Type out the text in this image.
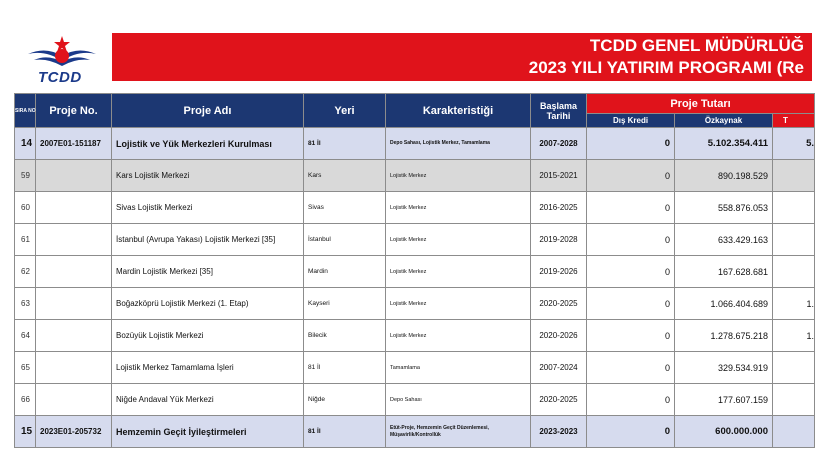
TCDD
TCDD GENEL MÜDÜRLÜĞ
2023 YILI YATIRIM PROGRAMI (Re
SIRA NO	Proje No.	Proje Adı	Yeri	Karakteristiği	Başlama Tarihi	Proje Tutarı		
						Dış Kredi	Özkaynak	T
14	2007E01-151187	Lojistik ve Yük Merkezleri Kurulması	81 İl	Depo Sahası, Lojistik Merkez, Tamamlama	2007-2028	0	5.102.354.411	5.
59		Kars Lojistik Merkezi	Kars	Lojistik Merkez	2015-2021	0	890.198.529	
60		Sivas Lojistik Merkezi	Sivas	Lojistik Merkez	2016-2025	0	558.876.053	
61		İstanbul (Avrupa Yakası) Lojistik Merkezi [35]	İstanbul	Lojistik Merkez	2019-2028	0	633.429.163	
62		Mardin Lojistik Merkezi [35]	Mardin	Lojistik Merkez	2019-2026	0	167.628.681	
63		Boğazköprü Lojistik Merkezi (1. Etap)	Kayseri	Lojistik Merkez	2020-2025	0	1.066.404.689	1.
64		Bozüyük Lojistik Merkezi	Bilecik	Lojistik Merkez	2020-2026	0	1.278.675.218	1.
65		Lojistik Merkez Tamamlama İşleri	81 İl	Tamamlama	2007-2024	0	329.534.919	
66		Niğde Andaval Yük Merkezi	Niğde	Depo Sahası	2020-2025	0	177.607.159	
15	2023E01-205732	Hemzemin Geçit İyileştirmeleri	81 İl	Etüt-Proje, Hemzemin Geçit Düzenlemesi, Müşavirlik/Kontrollük	2023-2023	0	600.000.000	
